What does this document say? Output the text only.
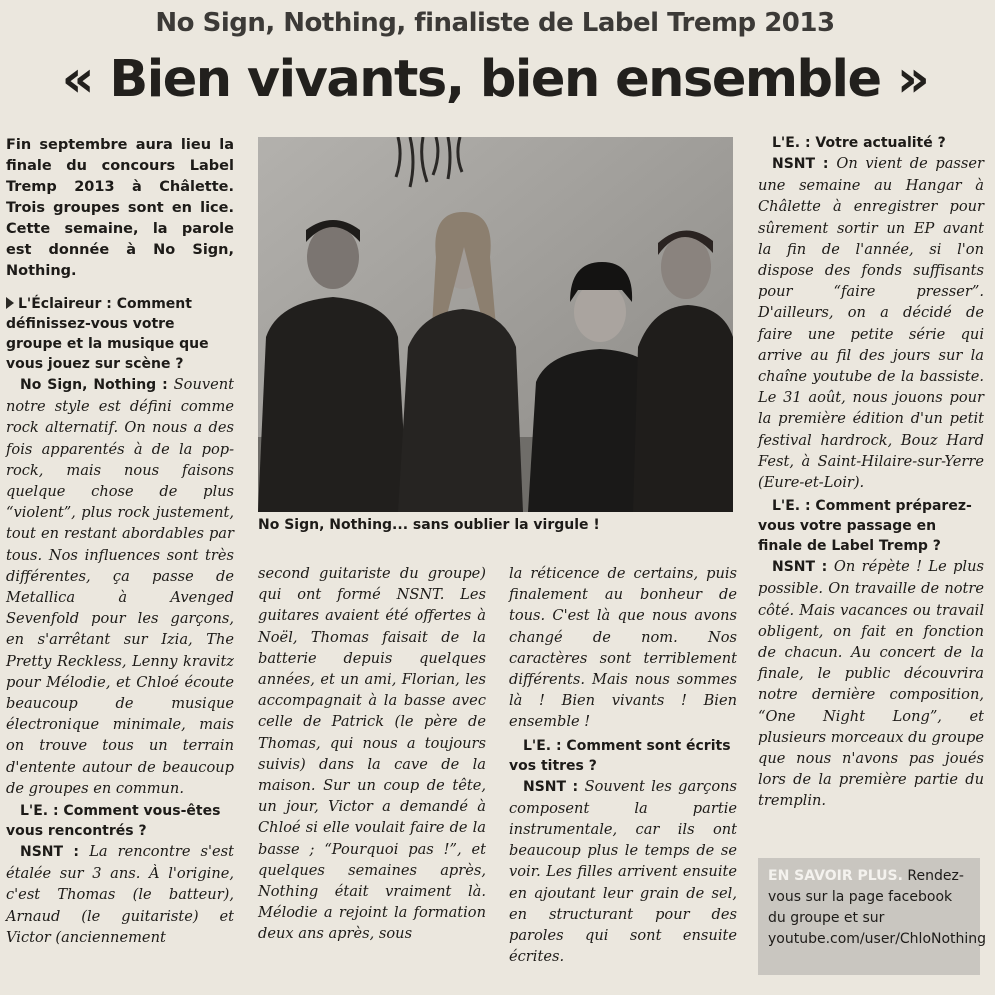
No Sign, Nothing, finaliste de Label Tremp 2013
« Bien vivants, bien ensemble »

Fin septembre aura lieu la finale du concours Label Tremp 2013 à Châlette. Trois groupes sont en lice. Cette semaine, la parole est donnée à No Sign, Nothing.

L'Éclaireur : Comment définissez-vous votre groupe et la musique que vous jouez sur scène ?

No Sign, Nothing : Souvent notre style est défini comme rock alternatif. On nous a des fois apparentés à de la pop-rock, mais nous faisons quelque chose de plus “violent”, plus rock justement, tout en restant abordables par tous. Nos influences sont très différentes, ça passe de Metallica à Avenged Sevenfold pour les garçons, en s'arrêtant sur Izia, The Pretty Reckless, Lenny kravitz pour Mélodie, et Chloé écoute beaucoup de musique électronique minimale, mais on trouve tous un terrain d'entente autour de beaucoup de groupes en commun.

L'E. : Comment vous-êtes vous rencontrés ?

NSNT : La rencontre s'est étalée sur 3 ans. À l'origine, c'est Thomas (le batteur), Arnaud (le guitariste) et Victor (anciennement

No Sign, Nothing... sans oublier la virgule !

second guitariste du groupe) qui ont formé NSNT. Les guitares avaient été offertes à Noël, Thomas faisait de la batterie depuis quelques années, et un ami, Florian, les accompagnait à la basse avec celle de Patrick (le père de Thomas, qui nous a toujours suivis) dans la cave de la maison. Sur un coup de tête, un jour, Victor a demandé à Chloé si elle voulait faire de la basse ; “Pourquoi pas !”, et quelques semaines après, Nothing était vraiment là. Mélodie a rejoint la formation deux ans après, sous

la réticence de certains, puis finalement au bonheur de tous. C'est là que nous avons changé de nom. Nos caractères sont terriblement différents. Mais nous sommes là ! Bien vivants ! Bien ensemble !

L'E. : Comment sont écrits vos titres ?

NSNT : Souvent les garçons composent la partie instrumentale, car ils ont beaucoup plus le temps de se voir. Les filles arrivent ensuite en ajoutant leur grain de sel, en structurant pour des paroles qui sont ensuite écrites.

L'E. : Votre actualité ?

NSNT : On vient de passer une semaine au Hangar à Châlette à enregistrer pour sûrement sortir un EP avant la fin de l'année, si l'on dispose des fonds suffisants pour “faire presser”. D'ailleurs, on a décidé de faire une petite série qui arrive au fil des jours sur la chaîne youtube de la bassiste. Le 31 août, nous jouons pour la première édition d'un petit festival hardrock, Bouz Hard Fest, à Saint-Hilaire-sur-Yerre (Eure-et-Loir).

L'E. : Comment préparez-vous votre passage en finale de Label Tremp ?

NSNT : On répète ! Le plus possible. On travaille de notre côté. Mais vacances ou travail obligent, on fait en fonction de chacun. Au concert de la finale, le public découvrira notre dernière composition, “One Night Long”, et plusieurs morceaux du groupe que nous n'avons pas joués lors de la première partie du tremplin.

EN SAVOIR PLUS. Rendez-vous sur la page facebook du groupe et sur youtube.com/user/ChloNothing
